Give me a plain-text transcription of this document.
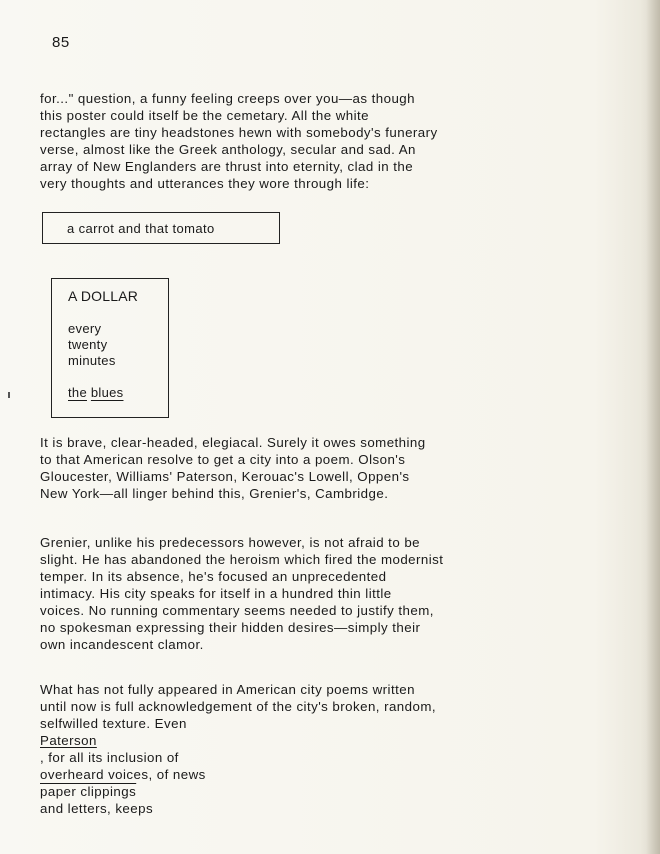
85

for..." question, a funny feeling creeps over you—as though
this poster could itself be the cemetary. All the white
rectangles are tiny headstones hewn with somebody's funerary
verse, almost like the Greek anthology, secular and sad. An
array of New Englanders are thrust into eternity, clad in the
very thoughts and utterances they wore through life:

a carrot and that tomato
A DOLLAR
every
twenty
minutes
the blues

It is brave, clear-headed, elegiacal. Surely it owes something
to that American resolve to get a city into a poem. Olson's
Gloucester, Williams' Paterson, Kerouac's Lowell, Oppen's
New York—all linger behind this, Grenier's, Cambridge.

Grenier, unlike his predecessors however, is not afraid to be
slight. He has abandoned the heroism which fired the modernist
temper. In its absence, he's focused an unprecedented
intimacy. His city speaks for itself in a hundred thin little
voices. No running commentary seems needed to justify them,
no spokesman expressing their hidden desires—simply their
own incandescent clamor.

What has not fully appeared in American city poems written
until now is full acknowledgement of the city's broken, random,
selfwilled texture. Even
Paterson
, for all its inclusion of
overheard voices, of news
paper clippings
and letters, keeps
